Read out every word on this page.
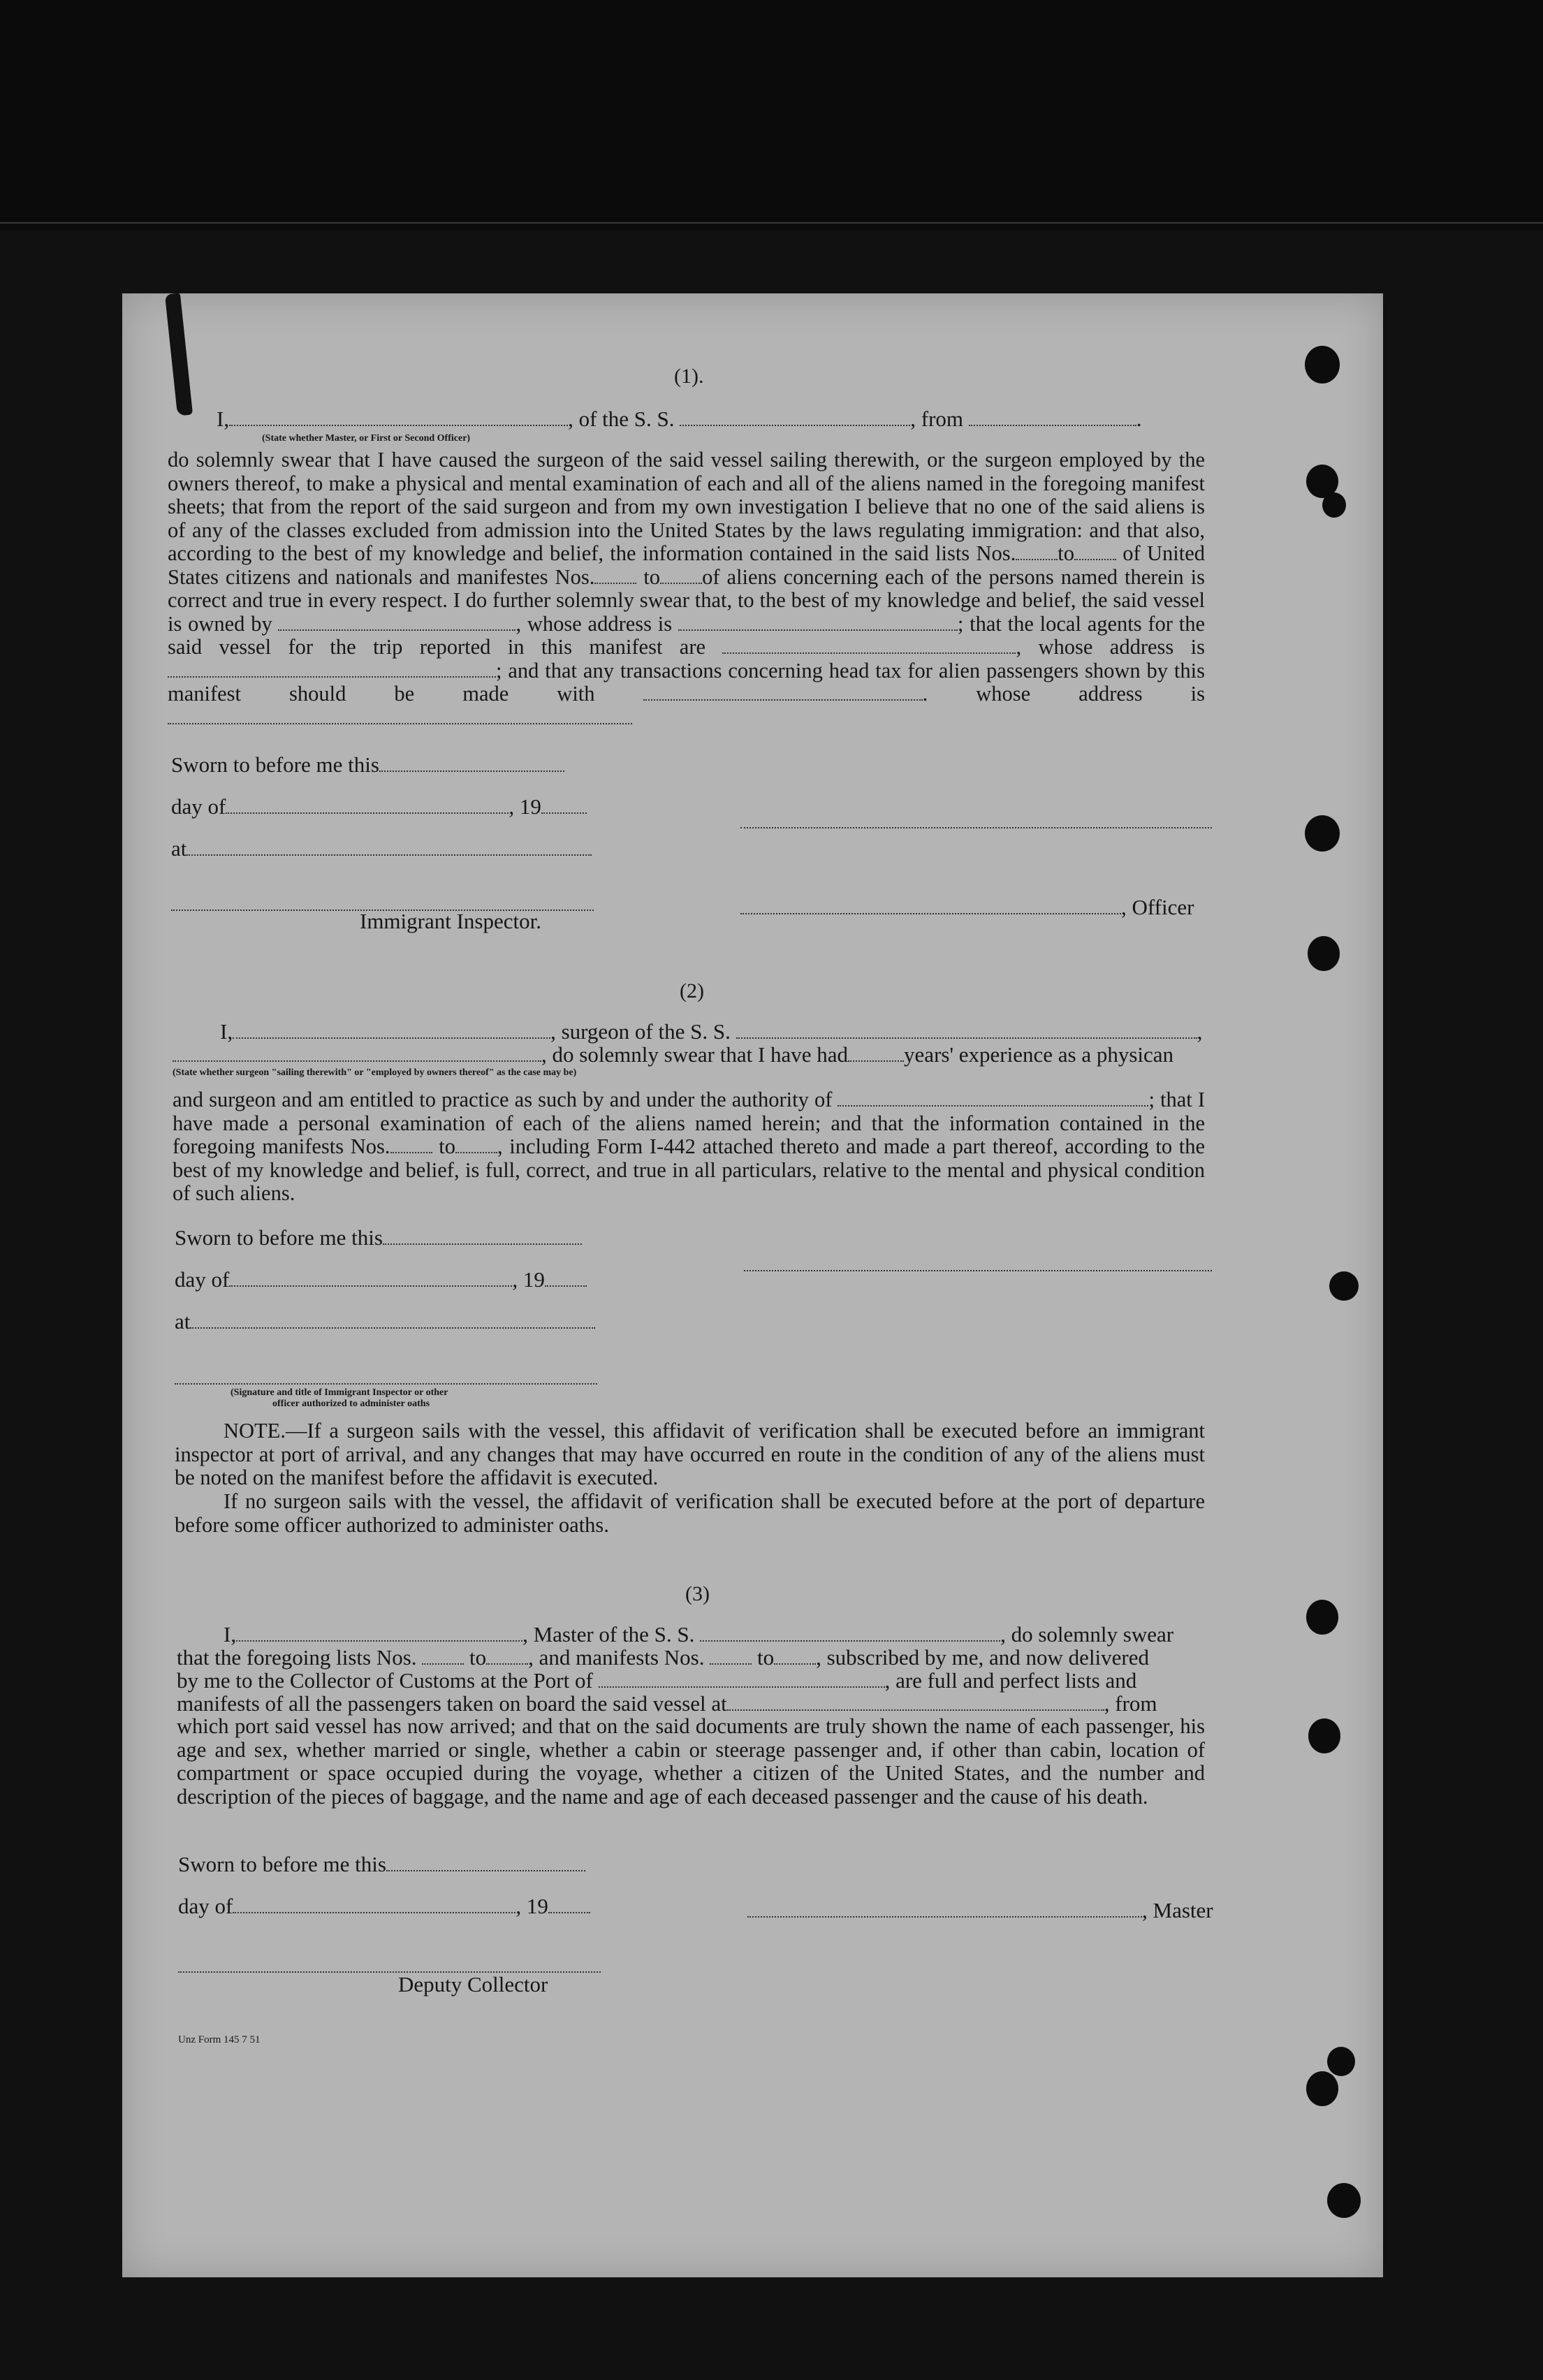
(1).
I,	, of the S. S.	, from	.
(State whether Master, or First or Second Officer)

do solemnly swear that I have caused the surgeon of the said vessel sailing therewith, or the surgeon employed by the owners thereof, to make a physical and mental examination of each and all of the aliens named in the foregoing manifest sheets; that from the report of the said surgeon and from my own investigation I believe that no one of the said aliens is of any of the classes excluded from admission into the United States by the laws regulating immigration: and that also, according to the best of my knowledge and belief, the information contained in the said lists Nos. to of United States citizens and nationals and manifestes Nos. to of aliens concerning each of the persons named therein is correct and true in every respect. I do further solemnly swear that, to the best of my knowledge and belief, the said vessel is owned by	, whose address is	; that the local agents for the said vessel for the trip reported in this manifest are	, whose address is ; and that any transactions concerning head tax for alien passengers shown by this manifest should be made with	. whose address is

Sworn to before me this
day of	, 19
at
Immigrant Inspector.
, Officer
(2)
I,	, surgeon of the S. S.	,
, do solemnly swear that I have had	years' experience as a physican
(State whether surgeon "sailing therewith" or "employed by owners thereof" as the case may be)

and surgeon and am entitled to practice as such by and under the authority of	; that I have made a personal examination of each of the aliens named herein; and that the information contained in the foregoing manifests Nos. to , including Form I-442 attached thereto and made a part thereof, according to the best of my knowledge and belief, is full, correct, and true in all particulars, relative to the mental and physical condition of such aliens.

Sworn to before me this
day of	, 19
at
(Signature and title of Immigrant Inspector or other
officer authorized to administer oaths

NOTE.—If a surgeon sails with the vessel, this affidavit of verification shall be executed before an immigrant inspector at port of arrival, and any changes that may have occurred en route in the condition of any of the aliens must be noted on the manifest before the affidavit is executed.

If no surgeon sails with the vessel, the affidavit of verification shall be executed before at the port of departure before some officer authorized to administer oaths.

(3)
I,	, Master of the S. S.	, do solemnly swear
that the foregoing lists Nos. to , and manifests Nos. to , subscribed by me, and now delivered
by me to the Collector of Customs at the Port of	, are full and perfect lists and
manifests of all the passengers taken on board the said vessel at	, from

which port said vessel has now arrived; and that on the said documents are truly shown the name of each passenger, his age and sex, whether married or single, whether a cabin or steerage passenger and, if other than cabin, location of compartment or space occupied during the voyage, whether a citizen of the United States, and the number and description of the pieces of baggage, and the name and age of each deceased passenger and the cause of his death.

Sworn to before me this
day of	, 19	, Master
Deputy Collector
Unz Form 145 7 51
